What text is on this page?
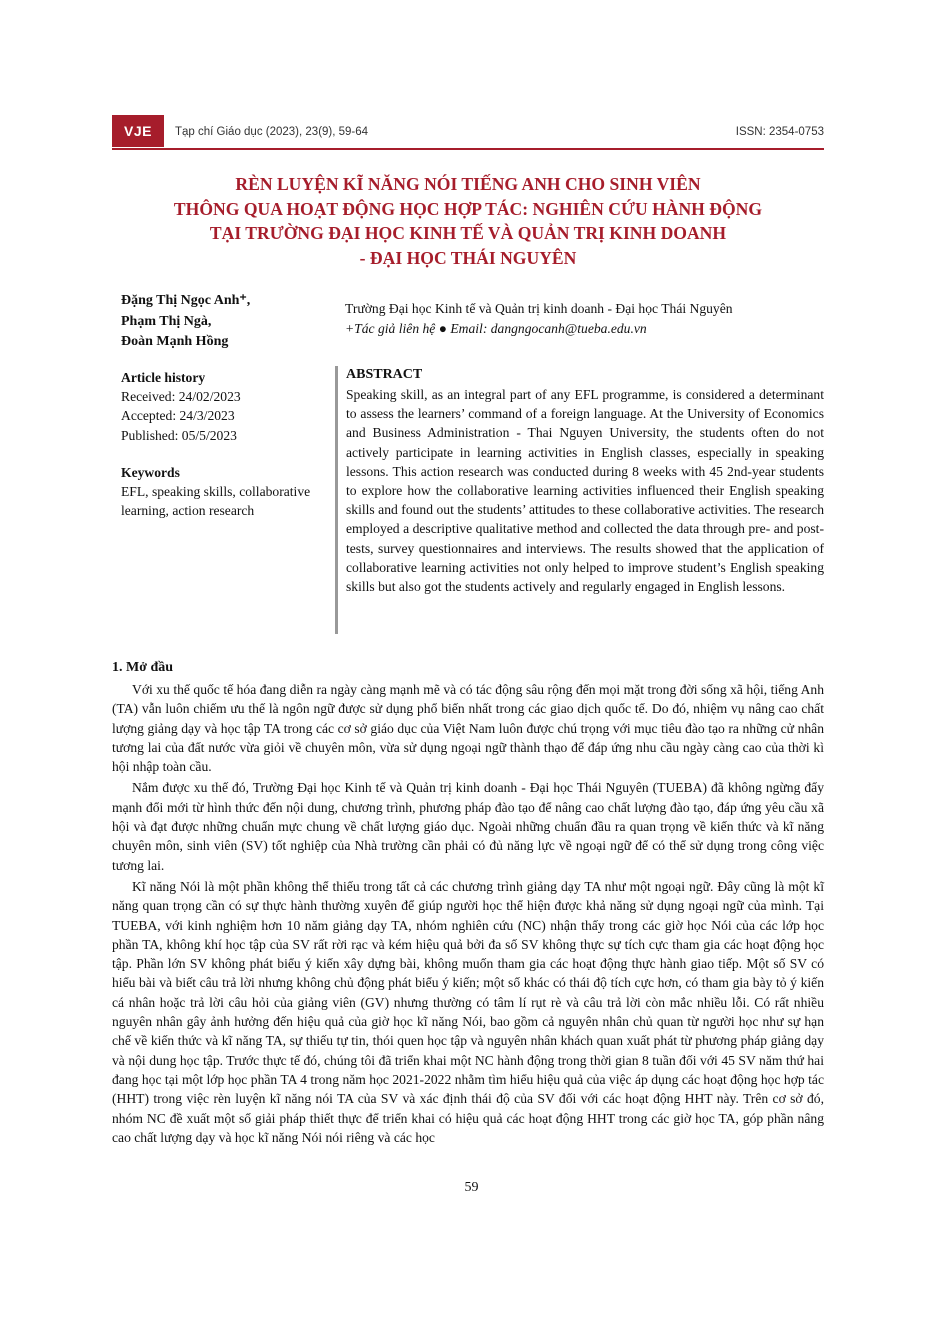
VJE	Tạp chí Giáo dục (2023), 23(9), 59-64	ISSN: 2354-0753
RÈN LUYỆN KĨ NĂNG NÓI TIẾNG ANH CHO SINH VIÊN
THÔNG QUA HOẠT ĐỘNG HỌC HỢP TÁC: NGHIÊN CỨU HÀNH ĐỘNG
TẠI TRƯỜNG ĐẠI HỌC KINH TẾ VÀ QUẢN TRỊ KINH DOANH
- ĐẠI HỌC THÁI NGUYÊN
Đặng Thị Ngọc Anh⁺,
Phạm Thị Ngà,
Đoàn Mạnh Hồng
Trường Đại học Kinh tế và Quản trị kinh doanh - Đại học Thái Nguyên
+Tác giả liên hệ ● Email: dangngocanh@tueba.edu.vn
Article history
Received: 24/02/2023
Accepted: 24/3/2023
Published: 05/5/2023
Keywords
EFL, speaking skills, collaborative learning, action research
ABSTRACT

Speaking skill, as an integral part of any EFL programme, is considered a determinant to assess the learners’ command of a foreign language. At the University of Economics and Business Administration - Thai Nguyen University, the students often do not actively participate in learning activities in English classes, especially in speaking lessons. This action research was conducted during 8 weeks with 45 2nd-year students to explore how the collaborative learning activities influenced their English speaking skills and found out the students’ attitudes to these collaborative activities. The research employed a descriptive qualitative method and collected the data through pre- and post-tests, survey questionnaires and interviews. The results showed that the application of collaborative learning activities not only helped to improve student’s English speaking skills but also got the students actively and regularly engaged in English lessons.

1. Mở đầu

Với xu thế quốc tế hóa đang diễn ra ngày càng mạnh mẽ và có tác động sâu rộng đến mọi mặt trong đời sống xã hội, tiếng Anh (TA) vẫn luôn chiếm ưu thế là ngôn ngữ được sử dụng phổ biến nhất trong các giao dịch quốc tế. Do đó, nhiệm vụ nâng cao chất lượng giảng dạy và học tập TA trong các cơ sở giáo dục của Việt Nam luôn được chú trọng với mục tiêu đào tạo ra những cử nhân tương lai của đất nước vừa giỏi về chuyên môn, vừa sử dụng ngoại ngữ thành thạo để đáp ứng nhu cầu ngày càng cao của thời kì hội nhập toàn cầu.

Nắm được xu thế đó, Trường Đại học Kinh tế và Quản trị kinh doanh - Đại học Thái Nguyên (TUEBA) đã không ngừng đẩy mạnh đổi mới từ hình thức đến nội dung, chương trình, phương pháp đào tạo để nâng cao chất lượng đào tạo, đáp ứng yêu cầu xã hội và đạt được những chuẩn mực chung về chất lượng giáo dục. Ngoài những chuẩn đầu ra quan trọng về kiến thức và kĩ năng chuyên môn, sinh viên (SV) tốt nghiệp của Nhà trường cần phải có đủ năng lực về ngoại ngữ để có thể sử dụng trong công việc tương lai.

Kĩ năng Nói là một phần không thể thiếu trong tất cả các chương trình giảng dạy TA như một ngoại ngữ. Đây cũng là một kĩ năng quan trọng cần có sự thực hành thường xuyên để giúp người học thể hiện được khả năng sử dụng ngoại ngữ của mình. Tại TUEBA, với kinh nghiệm hơn 10 năm giảng dạy TA, nhóm nghiên cứu (NC) nhận thấy trong các giờ học Nói của các lớp học phần TA, không khí học tập của SV rất rời rạc và kém hiệu quả bởi đa số SV không thực sự tích cực tham gia các hoạt động học tập. Phần lớn SV không phát biểu ý kiến xây dựng bài, không muốn tham gia các hoạt động thực hành giao tiếp. Một số SV có hiểu bài và biết câu trả lời nhưng không chủ động phát biểu ý kiến; một số khác có thái độ tích cực hơn, có tham gia bày tỏ ý kiến cá nhân hoặc trả lời câu hỏi của giảng viên (GV) nhưng thường có tâm lí rụt rè và câu trả lời còn mắc nhiều lỗi. Có rất nhiều nguyên nhân gây ảnh hưởng đến hiệu quả của giờ học kĩ năng Nói, bao gồm cả nguyên nhân chủ quan từ người học như sự hạn chế về kiến thức và kĩ năng TA, sự thiếu tự tin, thói quen học tập và nguyên nhân khách quan xuất phát từ phương pháp giảng dạy và nội dung học tập. Trước thực tế đó, chúng tôi đã triển khai một NC hành động trong thời gian 8 tuần đối với 45 SV năm thứ hai đang học tại một lớp học phần TA 4 trong năm học 2021-2022 nhằm tìm hiểu hiệu quả của việc áp dụng các hoạt động học hợp tác (HHT) trong việc rèn luyện kĩ năng nói TA của SV và xác định thái độ của SV đối với các hoạt động HHT này. Trên cơ sở đó, nhóm NC đề xuất một số giải pháp thiết thực để triển khai có hiệu quả các hoạt động HHT trong các giờ học TA, góp phần nâng cao chất lượng dạy và học kĩ năng Nói nói riêng và các học

59
